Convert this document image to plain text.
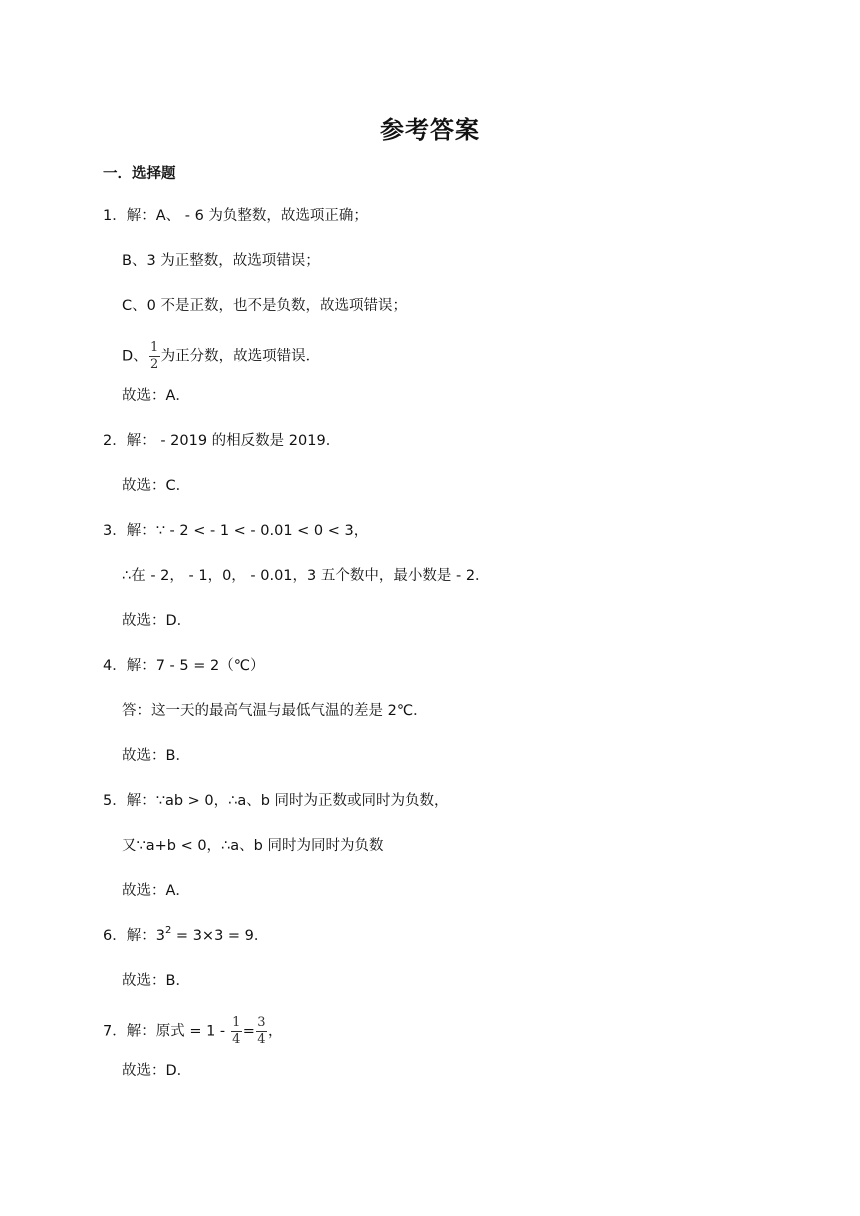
参考答案
一．选择题
1．解：A、 - 6 为负整数，故选项正确；
B、3 为正整数，故选项错误；
C、0 不是正数，也不是负数，故选项错误；
D、 $\frac{1}{2}$ 为正分数，故选项错误．
故选：A．
2．解： - 2019 的相反数是 2019．
故选：C．
3．解：∵ - 2 < - 1 < - 0.01 < 0 < 3，
∴在 - 2， - 1，0， - 0.01，3 五个数中，最小数是 - 2．
故选：D．
4．解：7 - 5 = 2（℃）
答：这一天的最高气温与最低气温的差是 2℃．
故选：B．
5．解：∵ab > 0，∴a、b 同时为正数或同时为负数，
又∵a+b < 0，∴a、b 同时为同时为负数
故选：A．
6．解：$3^2 = 3\times 3 = 9$．
故选：B．
7．解：原式 = $1 - \frac{1}{4} = \frac{3}{4}$ ，
故选：D．
